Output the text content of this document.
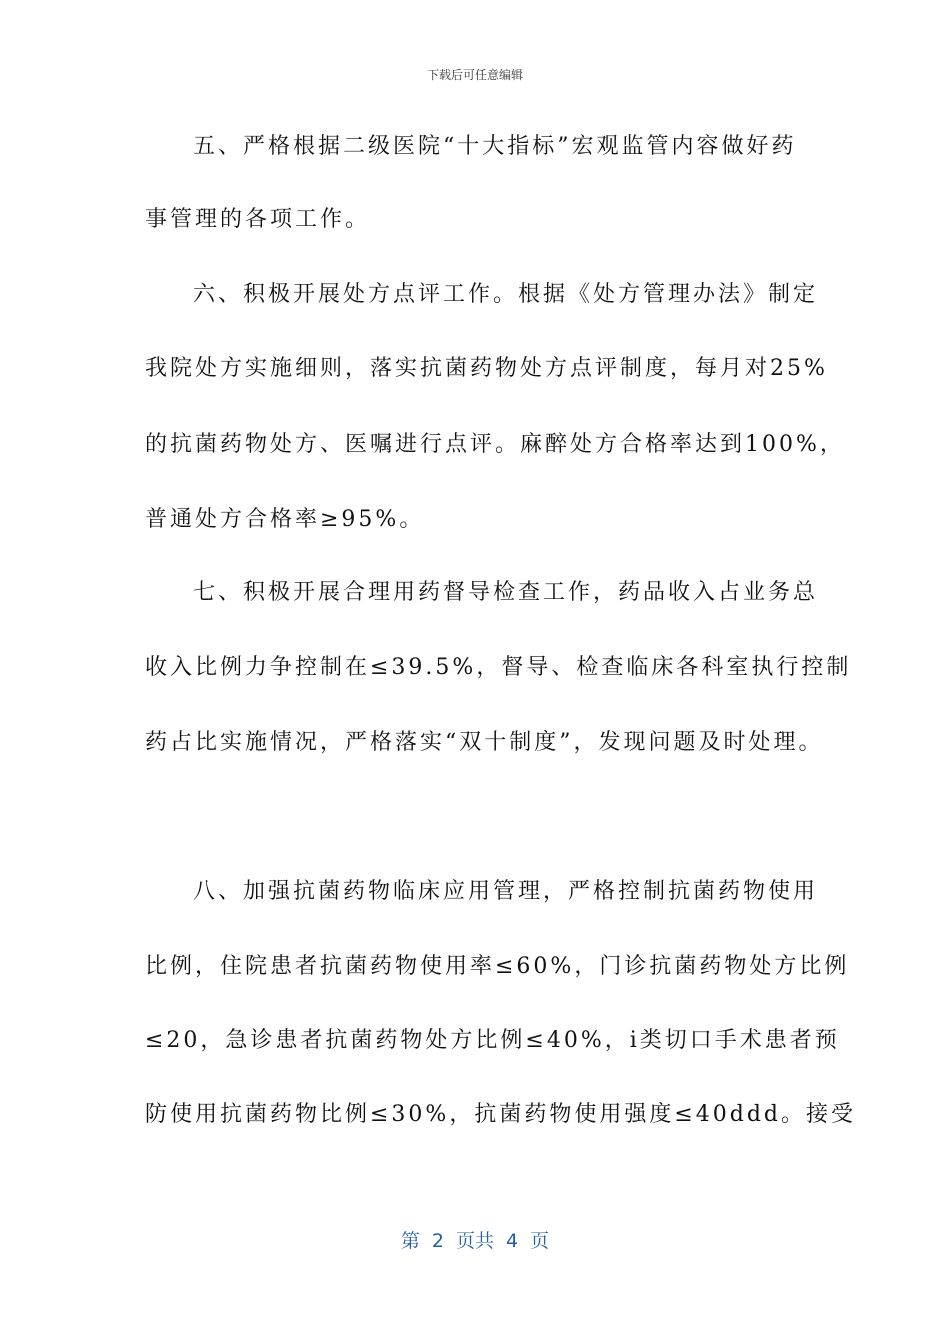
下载后可任意编辑
五、严格根据二级医院“十大指标”宏观监管内容做好药
事管理的各项工作。
六、积极开展处方点评工作。根据《处方管理办法》制定
我院处方实施细则，落实抗菌药物处方点评制度，每月对25%
的抗菌药物处方、医嘱进行点评。麻醉处方合格率达到100%，
普通处方合格率≥95%。
七、积极开展合理用药督导检查工作，药品收入占业务总
收入比例力争控制在≤39.5%，督导、检查临床各科室执行控制
药占比实施情况，严格落实“双十制度”，发现问题及时处理。
八、加强抗菌药物临床应用管理，严格控制抗菌药物使用
比例，住院患者抗菌药物使用率≤60%，门诊抗菌药物处方比例
≤20，急诊患者抗菌药物处方比例≤40%，ⅰ类切口手术患者预
防使用抗菌药物比例≤30%，抗菌药物使用强度≤40ddd。接受
第 2 页共 4 页
